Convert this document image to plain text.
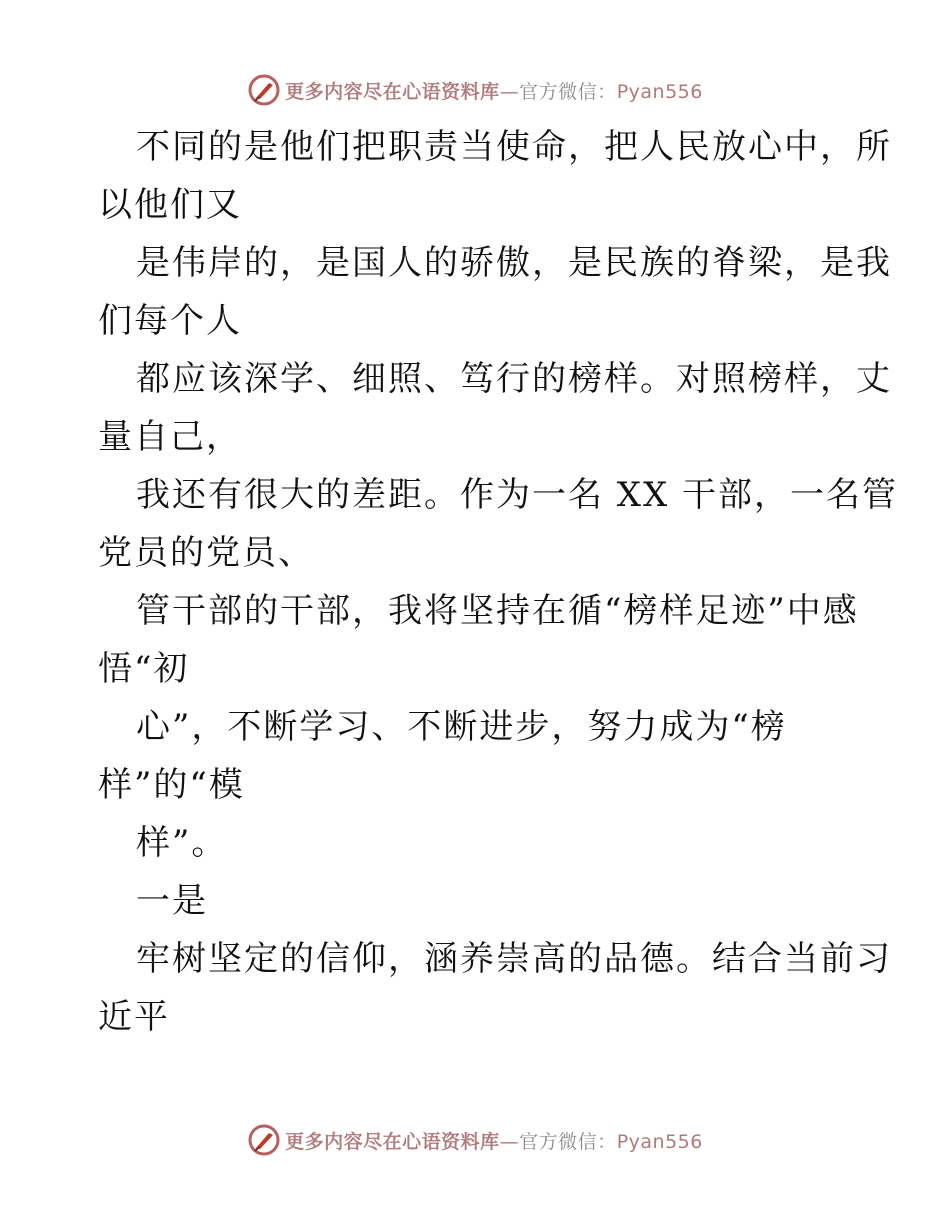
更多内容尽在心语资料库—官方微信：Pyan556
不同的是他们把职责当使命，把人民放心中，所
以他们又
是伟岸的，是国人的骄傲，是民族的脊梁，是我
们每个人
都应该深学、细照、笃行的榜样。对照榜样，丈
量自己，
我还有很大的差距。作为一名 XX 干部，一名管
党员的党员、
管干部的干部，我将坚持在循“榜样足迹”中感
悟“初
心”，不断学习、不断进步，努力成为“榜
样”的“模
样”。
一是
牢树坚定的信仰，涵养崇高的品德。结合当前习
近平
更多内容尽在心语资料库—官方微信：Pyan556
